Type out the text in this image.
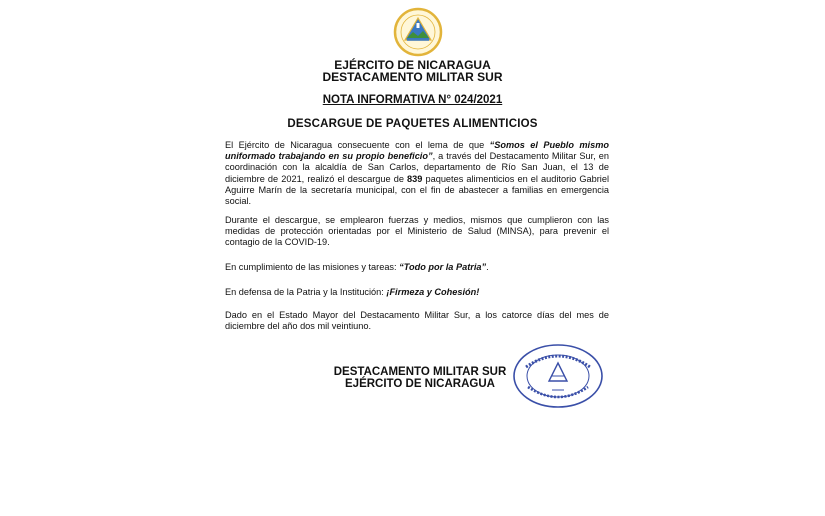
EJÉRCITO DE NICARAGUA
DESTACAMENTO MILITAR SUR
NOTA INFORMATIVA N° 024/2021
DESCARGUE DE PAQUETES ALIMENTICIOS
El Ejército de Nicaragua consecuente con el lema de que “Somos el Pueblo mismo uniformado trabajando en su propio beneficio”, a través del Destacamento Militar Sur, en coordinación con la alcaldía de San Carlos, departamento de Río San Juan, el 13 de diciembre de 2021, realizó el descargue de 839 paquetes alimenticios en el auditorio Gabriel Aguirre Marín de la secretaría municipal, con el fin de abastecer a familias en emergencia social.
Durante el descargue, se emplearon fuerzas y medios, mismos que cumplieron con las medidas de protección orientadas por el Ministerio de Salud (MINSA), para prevenir el contagio de la COVID-19.
En cumplimiento de las misiones y tareas: “Todo por la Patria”.
En defensa de la Patria y la Institución: ¡Firmeza y Cohesión!
Dado en el Estado Mayor del Destacamento Militar Sur, a los catorce días del mes de diciembre del año dos mil veintiuno.
DESTACAMENTO MILITAR SUR
EJÉRCITO DE NICARAGUA
